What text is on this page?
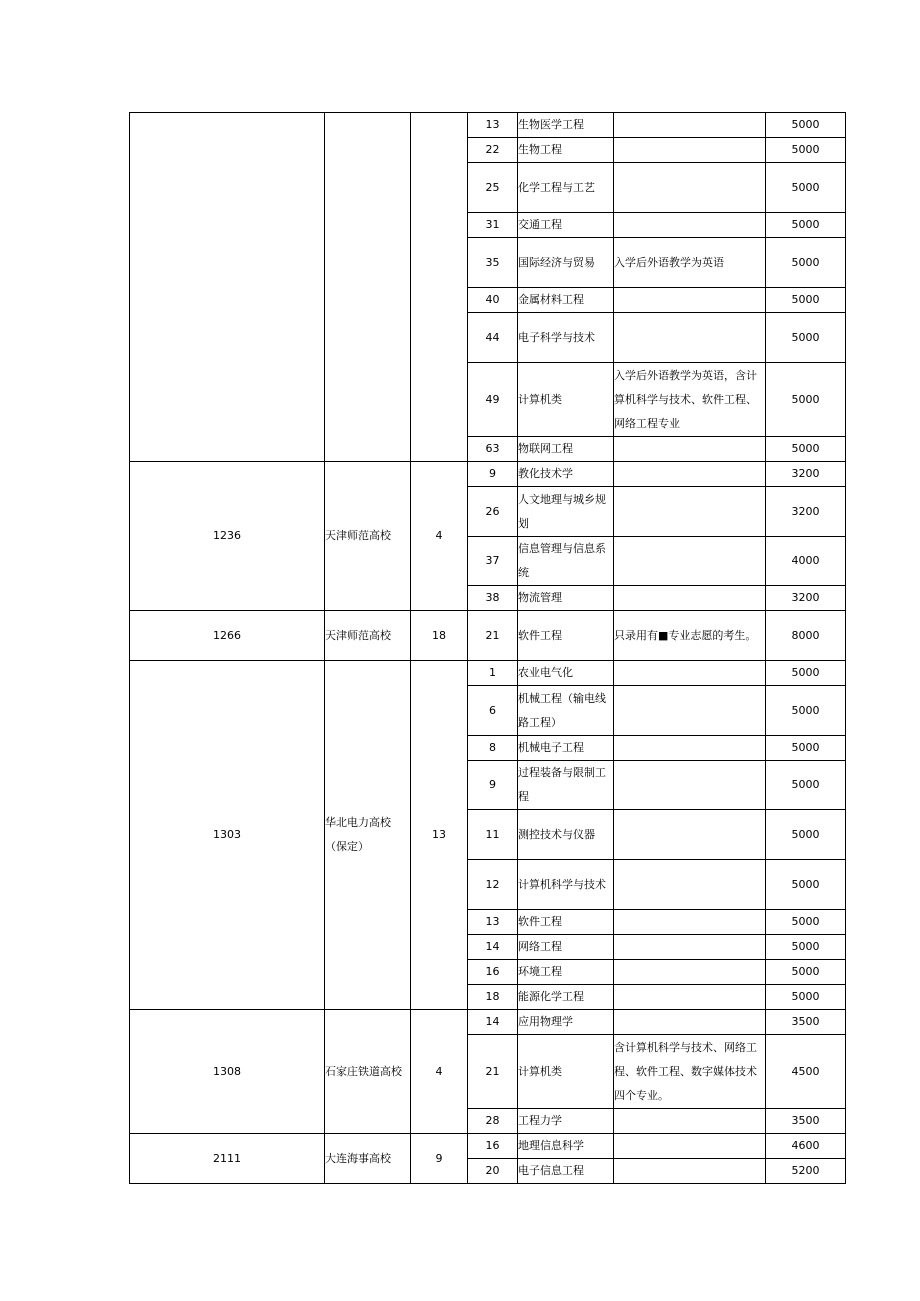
			13	生物医学工程		5000
			22	生物工程		5000
			25	化学工程与工艺		5000
			31	交通工程		5000
			35	国际经济与贸易	入学后外语教学为英语	5000
			40	金属材料工程		5000
			44	电子科学与技术		5000
			49	计算机类	入学后外语教学为英语，含计算机科学与技术、软件工程、网络工程专业	5000
			63	物联网工程		5000
1236	天津师范高校	4	9	教化技术学		3200
			26	人文地理与城乡规划		3200
			37	信息管理与信息系统		4000
			38	物流管理		3200
1266	天津师范高校	18	21	软件工程	只录用有■专业志愿的考生。	8000
1303	华北电力高校（保定）	13	1	农业电气化		5000
			6	机械工程（输电线路工程）		5000
			8	机械电子工程		5000
			9	过程装备与限制工程		5000
			11	测控技术与仪器		5000
			12	计算机科学与技术		5000
			13	软件工程		5000
			14	网络工程		5000
			16	环境工程		5000
			18	能源化学工程		5000
1308	石家庄铁道高校	4	14	应用物理学		3500
			21	计算机类	含计算机科学与技术、网络工程、软件工程、数字媒体技术四个专业。	4500
			28	工程力学		3500
2111	大连海事高校	9	16	地理信息科学		4600
			20	电子信息工程		5200
